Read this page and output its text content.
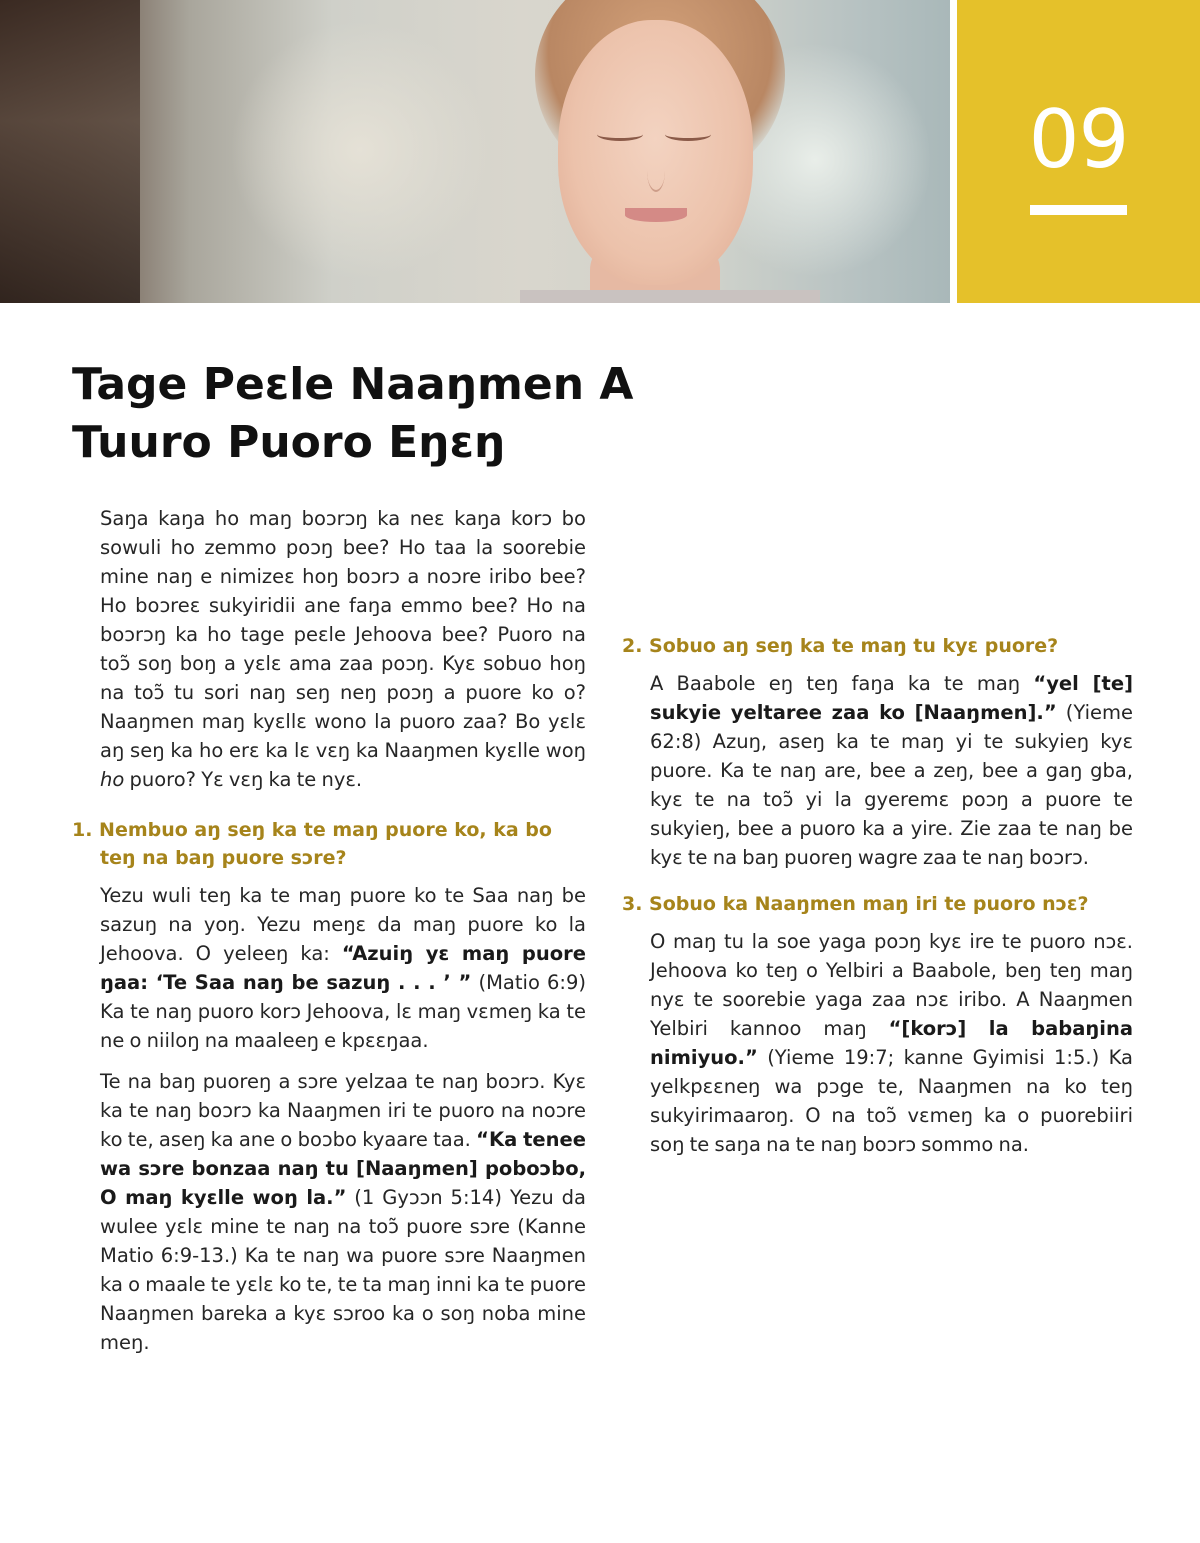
09
Tage Peɛle Naaŋmen A
Tuuro Puoro Eŋɛŋ

Saŋa kaŋa ho maŋ boɔrɔŋ ka neɛ kaŋa korɔ bo sowuli ho zemmo poɔŋ bee? Ho taa la soorebie mine naŋ e nimizeɛ hoŋ boɔrɔ a noɔre iribo bee? Ho boɔreɛ sukyiridii ane faŋa emmo bee? Ho na boɔrɔŋ ka ho tage peɛle Jehoova bee? Puoro na toɔ̃ soŋ boŋ a yɛlɛ ama zaa poɔŋ. Kyɛ sobuo hoŋ na toɔ̃ tu sori naŋ seŋ neŋ poɔŋ a puore ko o? Naaŋmen maŋ kyɛllɛ wono la puoro zaa? Bo yɛlɛ aŋ seŋ ka ho erɛ ka lɛ vɛŋ ka Naaŋmen kyɛlle woŋ ho puoro? Yɛ vɛŋ ka te nyɛ.

1. Nembuo aŋ seŋ ka te maŋ puore ko, ka bo teŋ na baŋ puore sɔre?

Yezu wuli teŋ ka te maŋ puore ko te Saa naŋ be sazuŋ na yoŋ. Yezu meŋɛ da maŋ puore ko la Jehoova. O yeleeŋ ka: “Azuiŋ yɛ maŋ puore ŋaa: ‘Te Saa naŋ be sazuŋ . . . ’ ” (Matio 6:9) Ka te naŋ puoro korɔ Jehoova, lɛ maŋ vɛmeŋ ka te ne o niiloŋ na maaleeŋ e kpɛɛŋaa.

Te na baŋ puoreŋ a sɔre yelzaa te naŋ boɔrɔ. Kyɛ ka te naŋ boɔrɔ ka Naaŋmen iri te puoro na noɔre ko te, aseŋ ka ane o boɔbo kyaare taa. “Ka tenee wa sɔre bonzaa naŋ tu [Naaŋmen] poboɔbo, O maŋ kyɛlle woŋ la.” (1 Gyɔɔn 5:14) Yezu da wulee yɛlɛ mine te naŋ na toɔ̃ puore sɔre (Kanne Matio 6:9-13.) Ka te naŋ wa puore sɔre Naaŋmen ka o maale te yɛlɛ ko te, te ta maŋ inni ka te puore Naaŋmen bareka a kyɛ sɔroo ka o soŋ noba mine meŋ.

2. Sobuo aŋ seŋ ka te maŋ tu kyɛ puore?

A Baabole eŋ teŋ faŋa ka te maŋ “yel [te] sukyie yeltaree zaa ko [Naaŋmen].” (Yieme 62:8) Azuŋ, aseŋ ka te maŋ yi te sukyieŋ kyɛ puore. Ka te naŋ are, bee a zeŋ, bee a gaŋ gba, kyɛ te na toɔ̃ yi la gyeremɛ poɔŋ a puore te sukyieŋ, bee a puoro ka a yire. Zie zaa te naŋ be kyɛ te na baŋ puoreŋ wagre zaa te naŋ boɔrɔ.

3. Sobuo ka Naaŋmen maŋ iri te puoro nɔɛ?

O maŋ tu la soe yaga poɔŋ kyɛ ire te puoro nɔɛ. Jehoova ko teŋ o Yelbiri a Baabole, beŋ teŋ maŋ nyɛ te soorebie yaga zaa nɔɛ iribo. A Naaŋmen Yelbiri kannoo maŋ “[korɔ] la babaŋina nimiyuo.” (Yieme 19:7; kanne Gyimisi 1:5.) Ka yelkpɛɛneŋ wa pɔge te, Naaŋmen na ko teŋ sukyirimaaroŋ. O na toɔ̃ vɛmeŋ ka o puorebiiri soŋ te saŋa na te naŋ boɔrɔ sommo na.
